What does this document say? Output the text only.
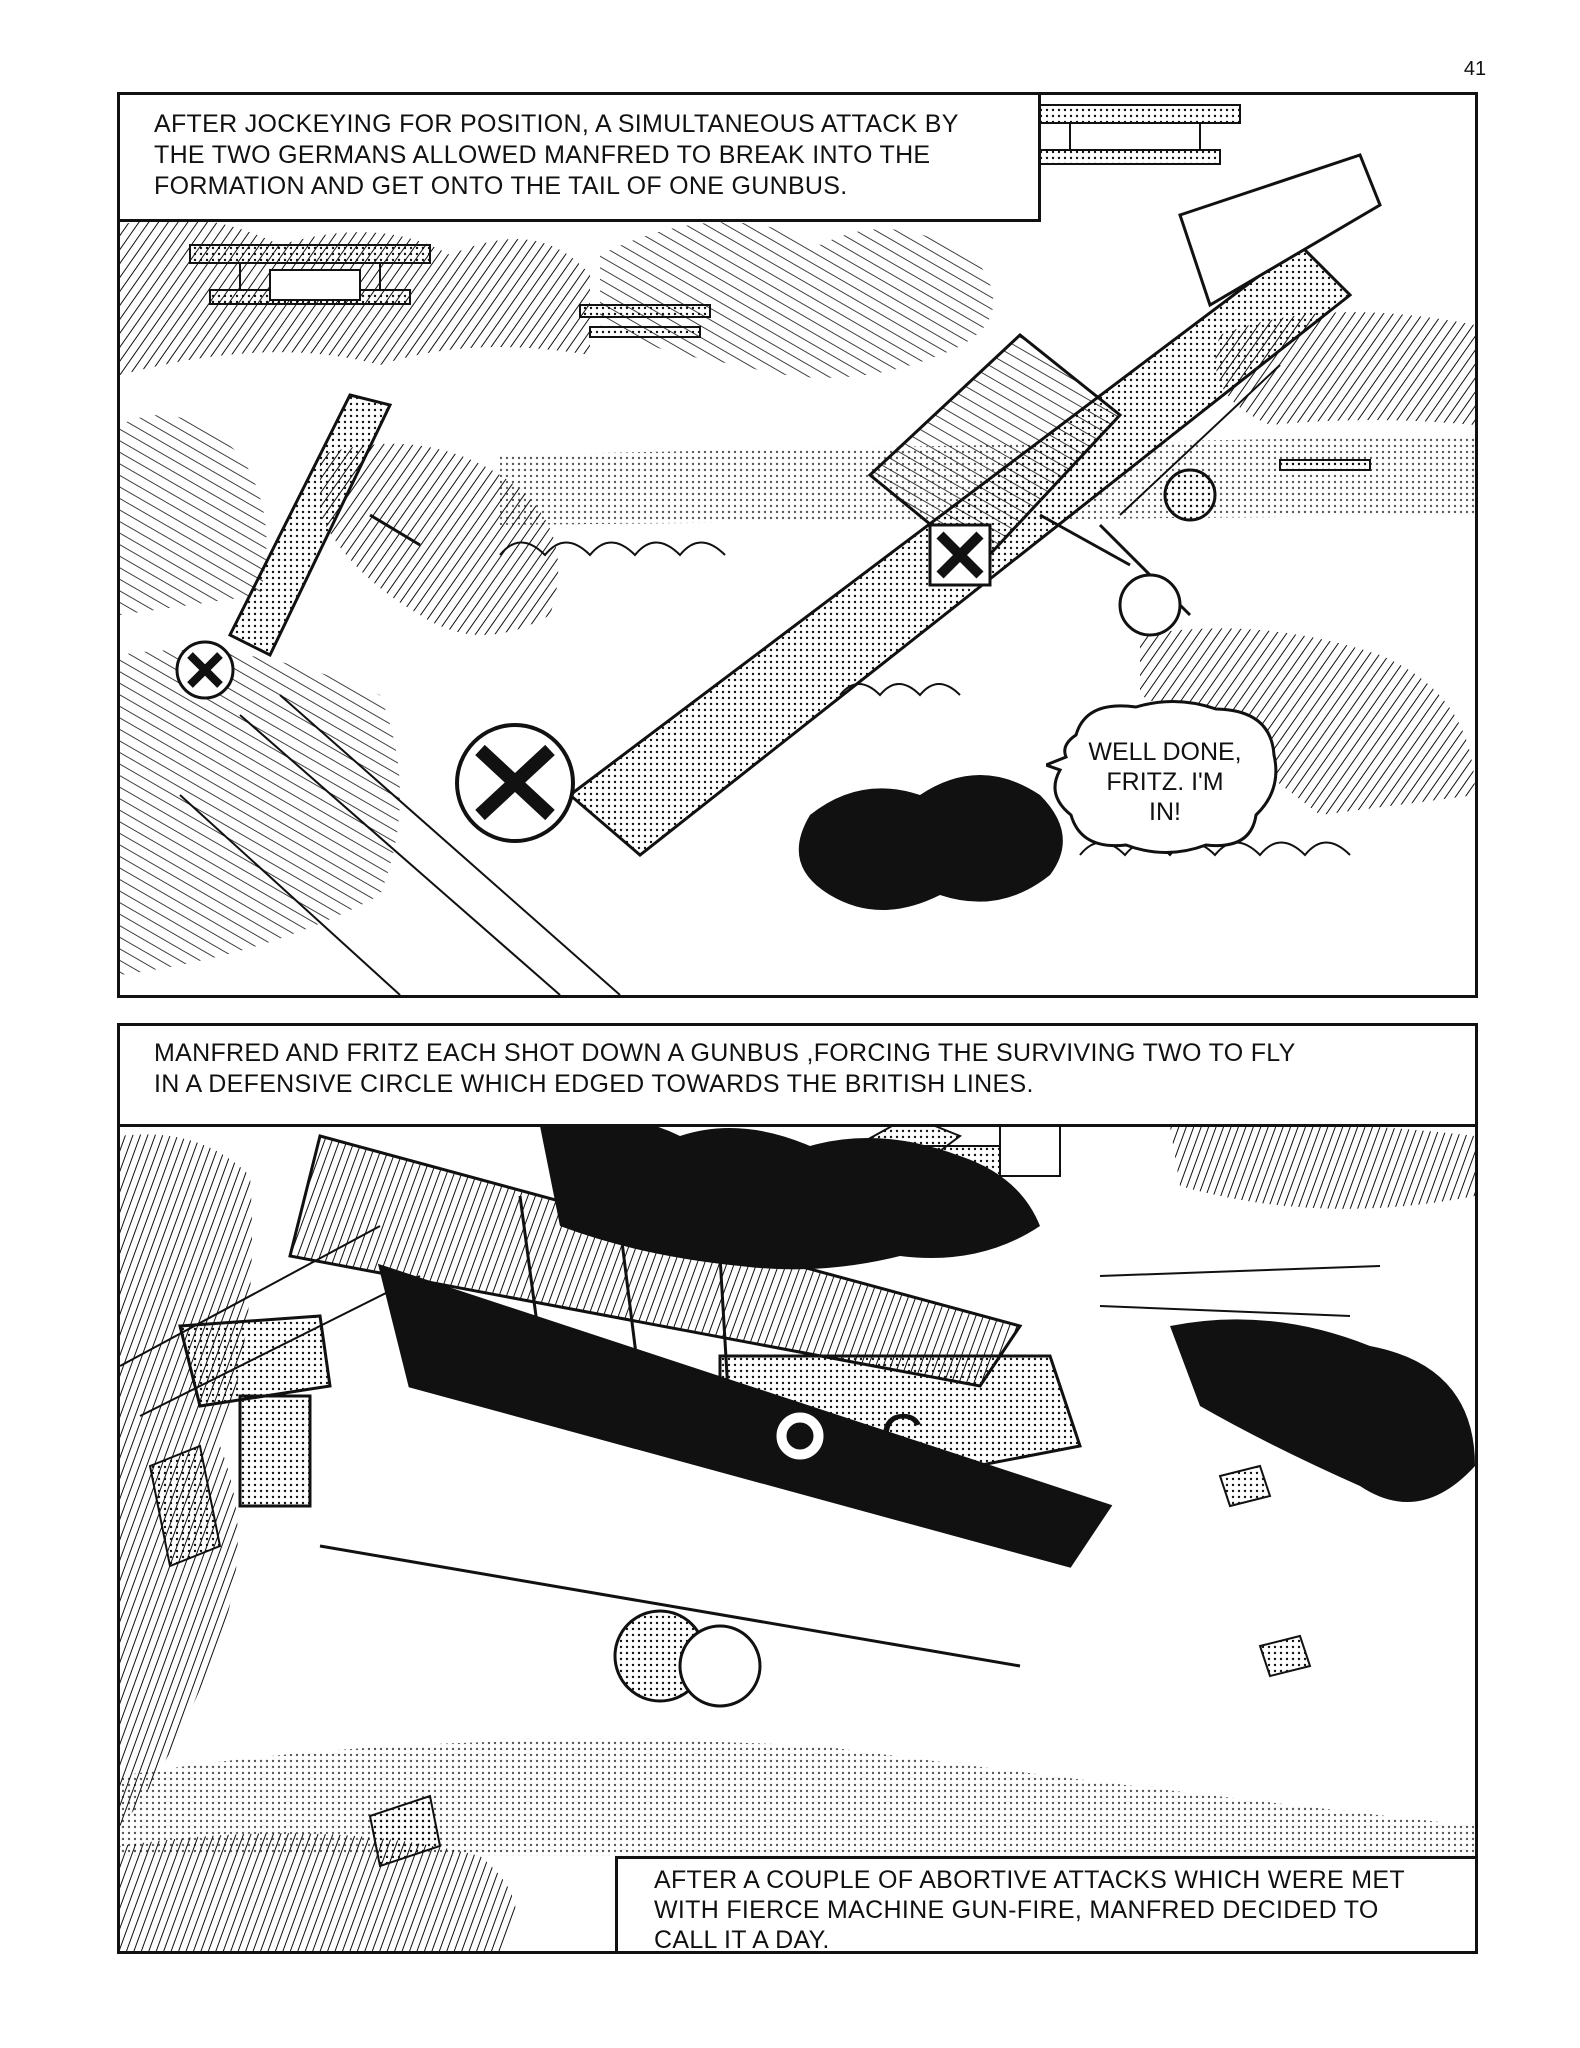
41
AFTER JOCKEYING FOR POSITION, A SIMULTANEOUS ATTACK BY
THE TWO GERMANS ALLOWED MANFRED TO BREAK INTO THE
FORMATION AND GET ONTO THE TAIL OF ONE GUNBUS.
WELL DONE,
FRITZ. I'M
IN!
C
MANFRED AND FRITZ EACH SHOT DOWN A GUNBUS ,FORCING THE SURVIVING TWO TO FLY
IN A DEFENSIVE CIRCLE WHICH EDGED TOWARDS THE BRITISH LINES.
AFTER A COUPLE OF ABORTIVE ATTACKS WHICH WERE MET
WITH FIERCE MACHINE GUN-FIRE, MANFRED DECIDED TO
CALL IT A DAY.
